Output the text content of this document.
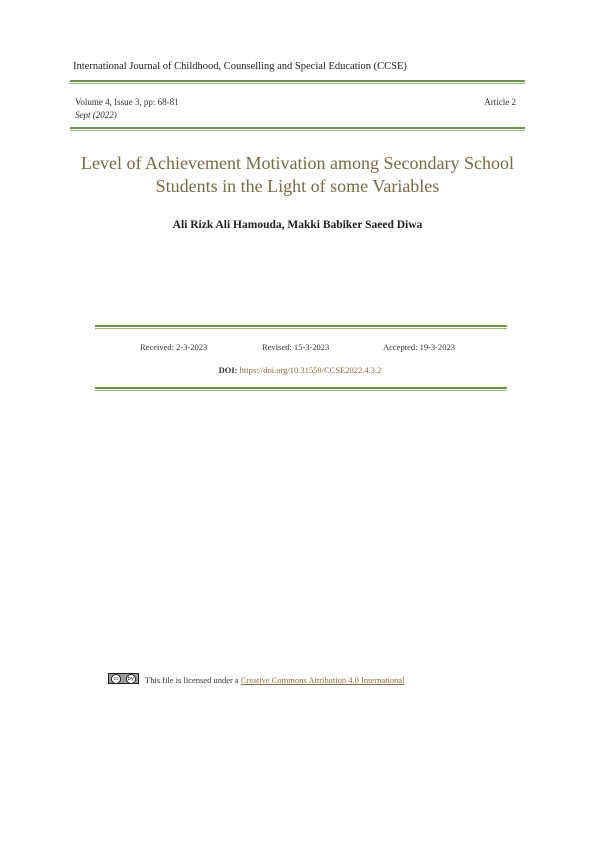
International Journal of Childhood, Counselling and Special Education (CCSE)
Volume 4, Issue 3, pp: 68-81
Sept (2022)
Article 2
Level of Achievement Motivation among Secondary School
Students in the Light of some Variables
Ali Rizk Ali Hamouda, Makki Babiker Saeed Diwa
Received: 2-3-2023	Revised: 15-3-2023	Accepted: 19-3-2023
DOI: https://doi.org/10.31559/CCSE2022.4.3.2
cc	by This file is licensed under a Creative Commons Attribution 4.0 International
